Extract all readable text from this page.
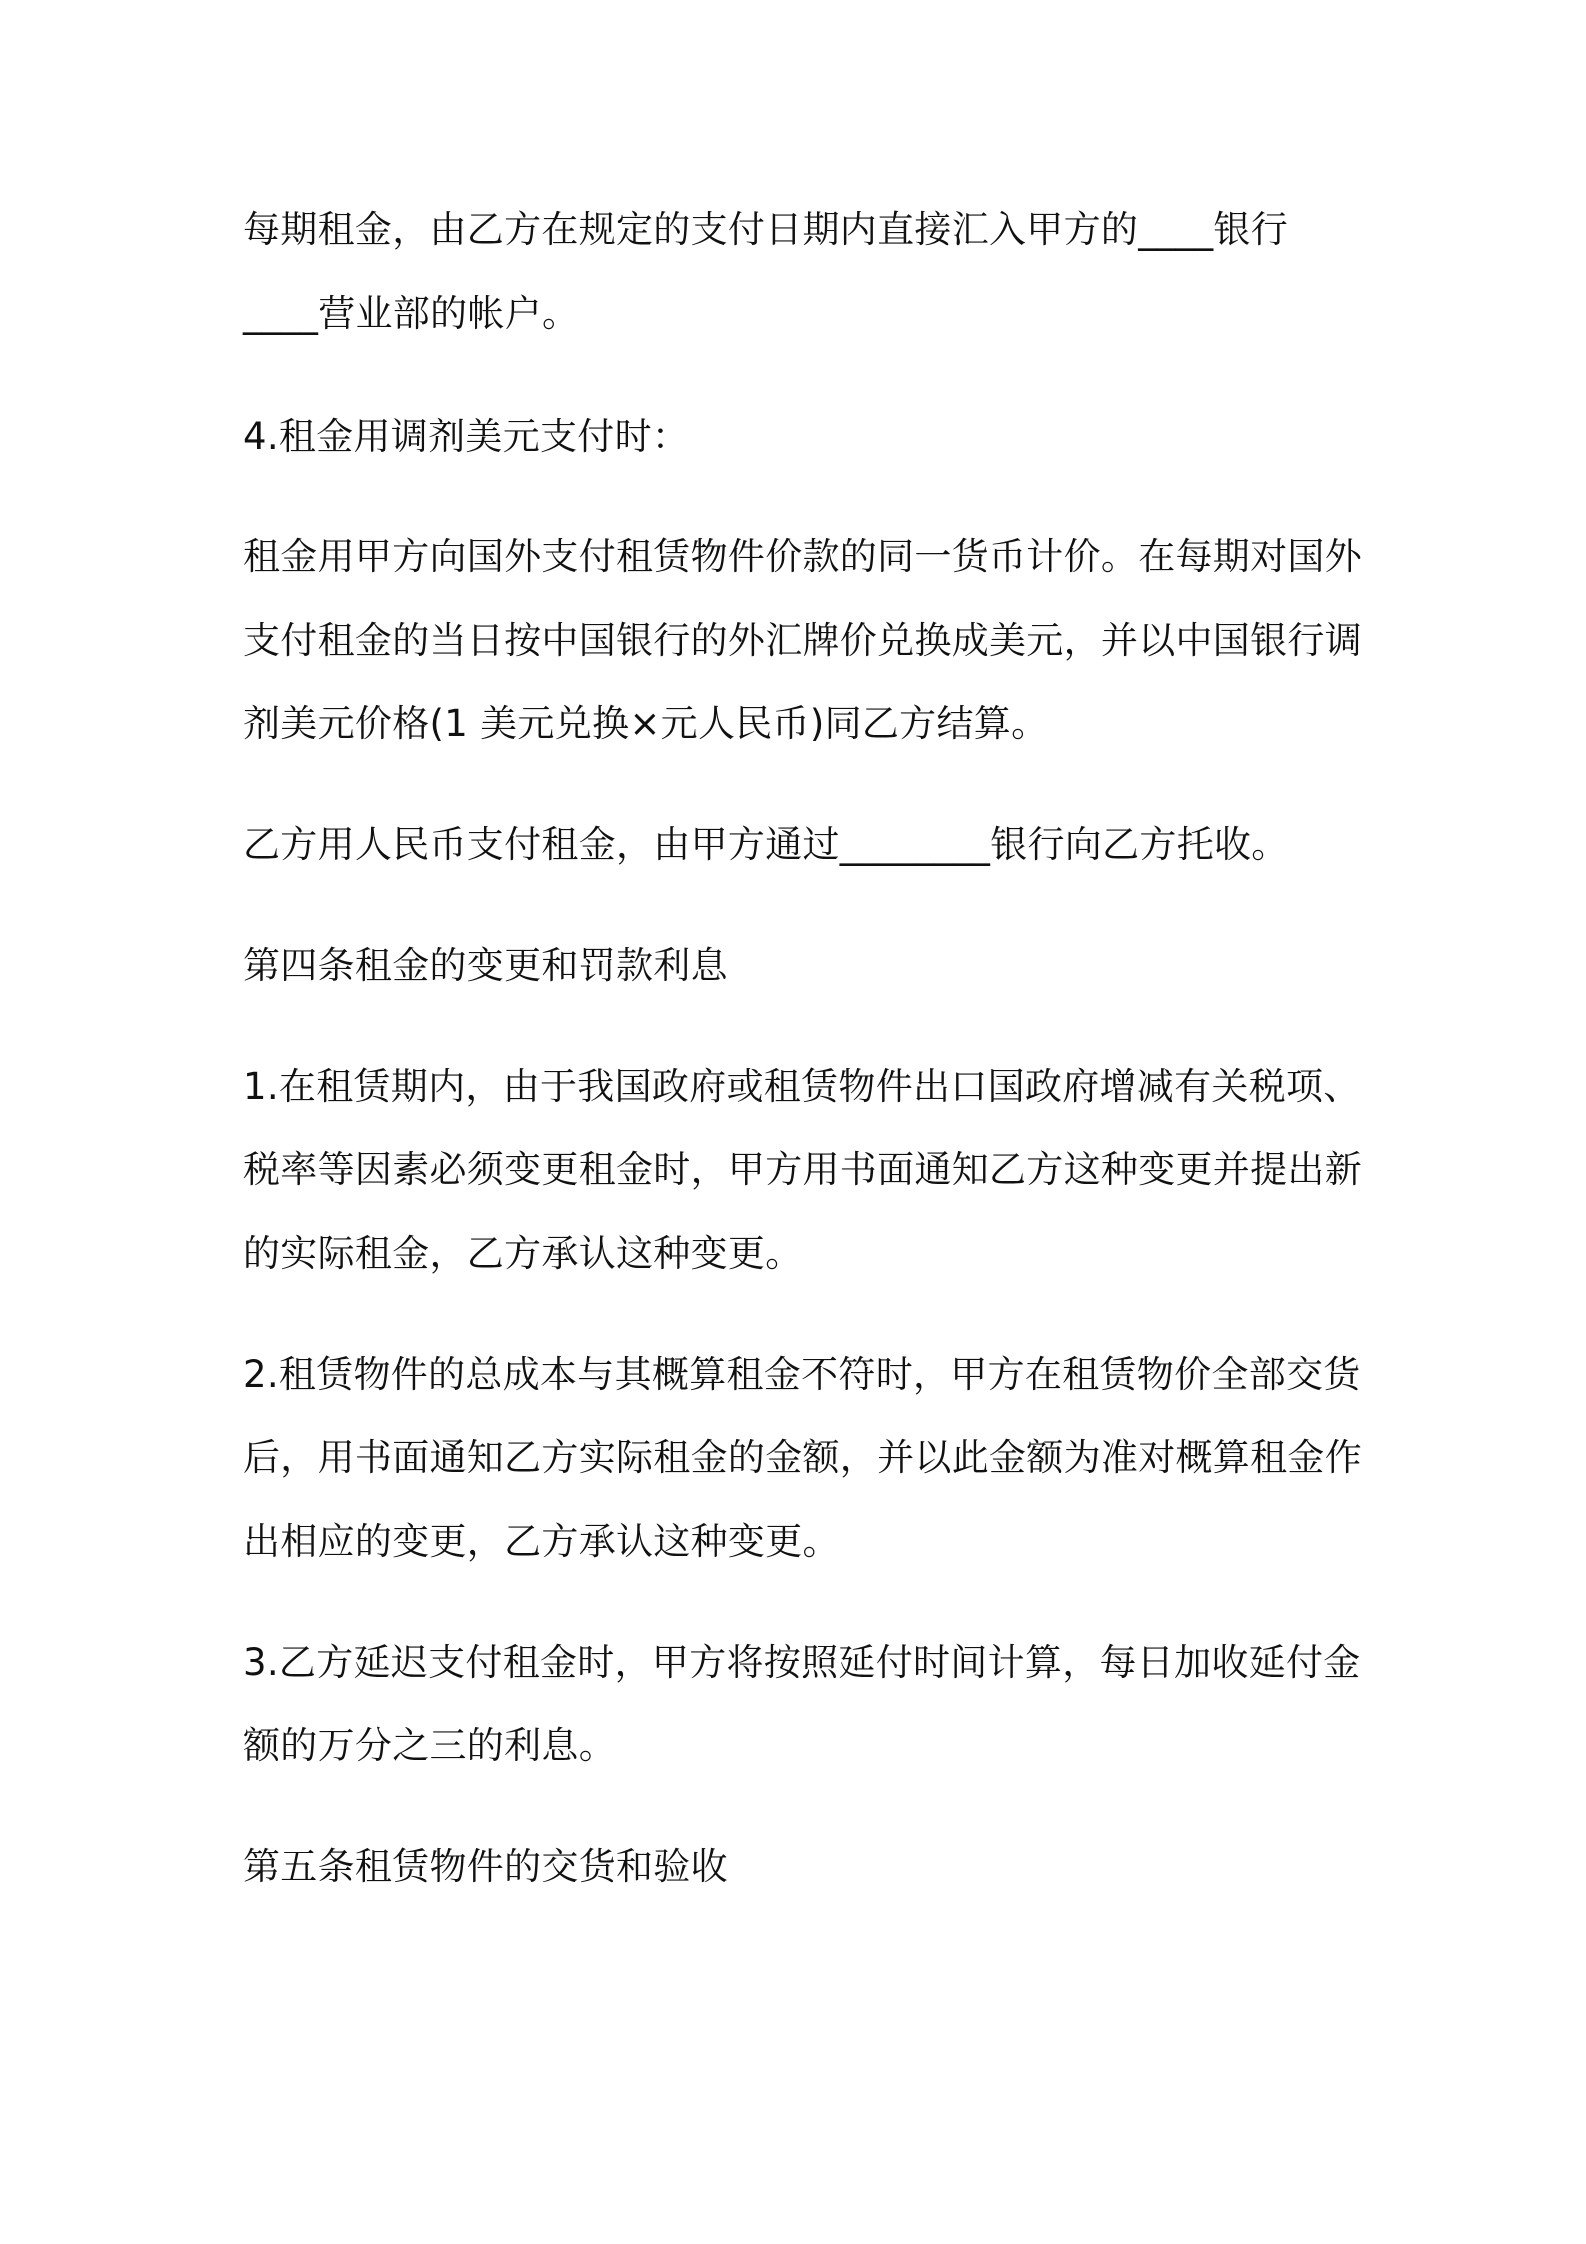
每期租金，由乙方在规定的支付日期内直接汇入甲方的____银行
____营业部的帐户。
4.租金用调剂美元支付时：
租金用甲方向国外支付租赁物件价款的同一货币计价。在每期对国外
支付租金的当日按中国银行的外汇牌价兑换成美元，并以中国银行调
剂美元价格(1 美元兑换×元人民币)同乙方结算。
乙方用人民币支付租金，由甲方通过________银行向乙方托收。
第四条租金的变更和罚款利息
1.在租赁期内，由于我国政府或租赁物件出口国政府增减有关税项、
税率等因素必须变更租金时，甲方用书面通知乙方这种变更并提出新
的实际租金，乙方承认这种变更。
2.租赁物件的总成本与其概算租金不符时，甲方在租赁物价全部交货
后，用书面通知乙方实际租金的金额，并以此金额为准对概算租金作
出相应的变更，乙方承认这种变更。
3.乙方延迟支付租金时，甲方将按照延付时间计算，每日加收延付金
额的万分之三的利息。
第五条租赁物件的交货和验收
